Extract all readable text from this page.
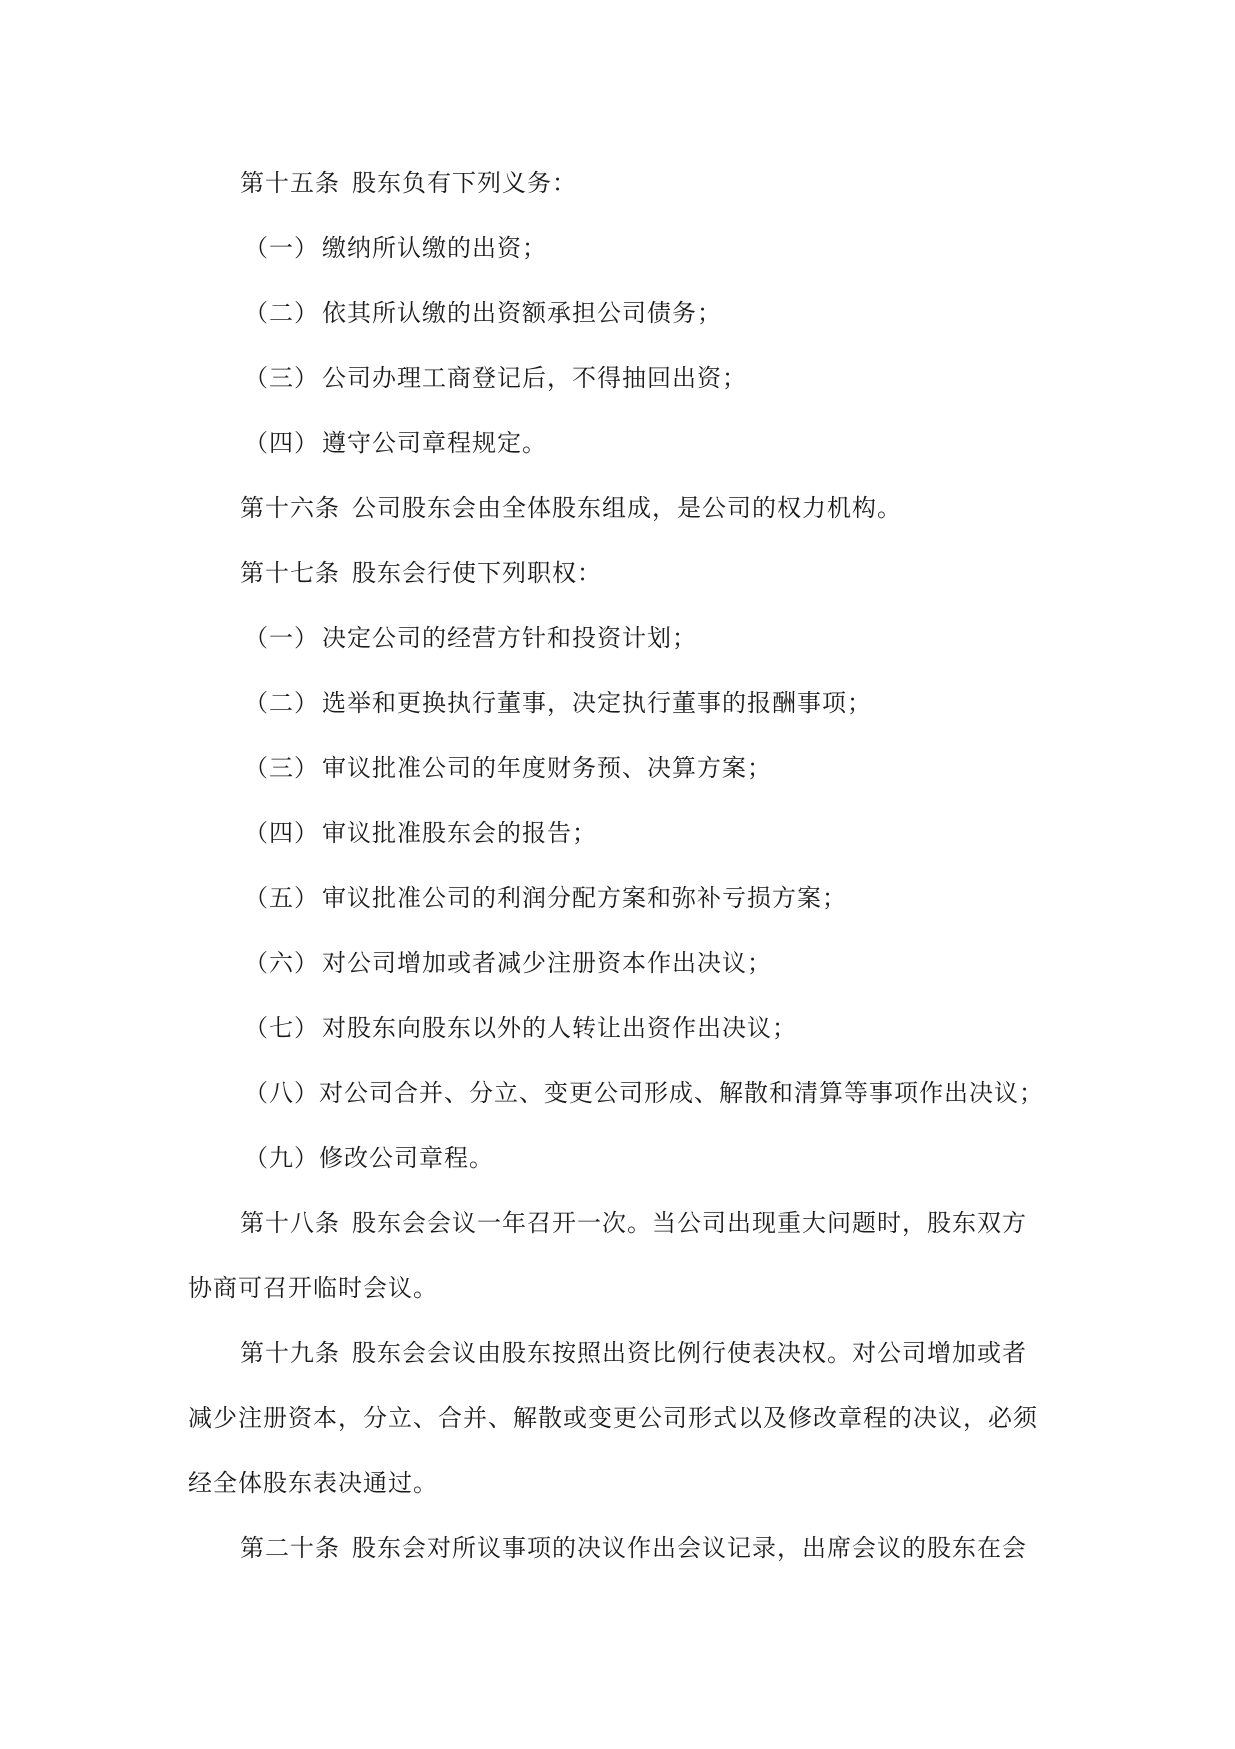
第十五条 股东负有下列义务：
（一） 缴纳所认缴的出资；
（二） 依其所认缴的出资额承担公司债务；
（三） 公司办理工商登记后，不得抽回出资；
（四） 遵守公司章程规定。
第十六条 公司股东会由全体股东组成，是公司的权力机构。
第十七条 股东会行使下列职权：
（一） 决定公司的经营方针和投资计划；
（二） 选举和更换执行董事，决定执行董事的报酬事项；
（三） 审议批准公司的年度财务预、决算方案；
（四） 审议批准股东会的报告；
（五） 审议批准公司的利润分配方案和弥补亏损方案；
（六） 对公司增加或者减少注册资本作出决议；
（七） 对股东向股东以外的人转让出资作出决议；
（八）对公司合并、分立、变更公司形成、解散和清算等事项作出决议；
（九）修改公司章程。
第十八条 股东会会议一年召开一次。当公司出现重大问题时，股东双方
协商可召开临时会议。
第十九条 股东会会议由股东按照出资比例行使表决权。对公司增加或者
减少注册资本，分立、合并、解散或变更公司形式以及修改章程的决议，必须
经全体股东表决通过。
第二十条 股东会对所议事项的决议作出会议记录，出席会议的股东在会
